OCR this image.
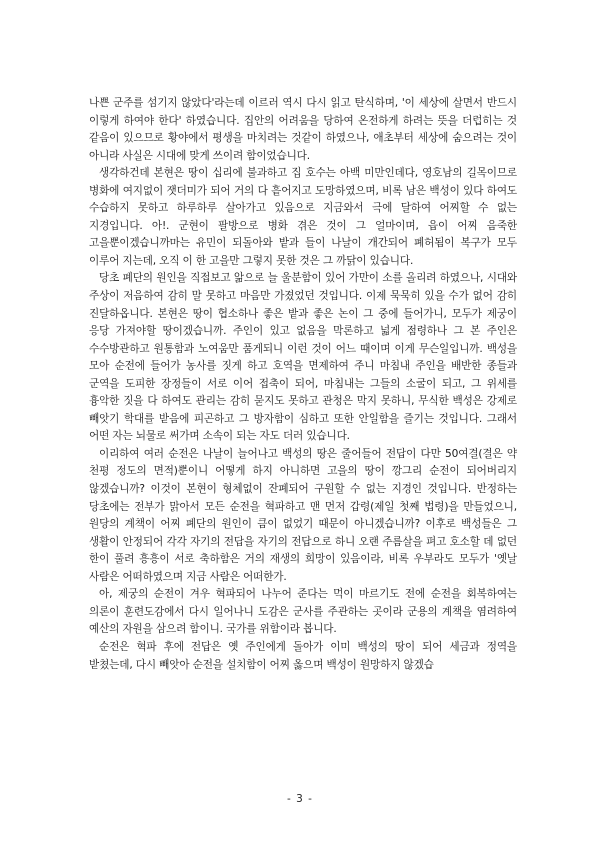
나쁜 군주를 섬기지 않았다'라는데 이르러 역시 다시 읽고 탄식하며, '이 세상에 살면서 반드시 이렇게 하여야 한다' 하였습니다. 집안의 어려움을 당하여 온전하게 하려는 뜻을 더럽히는 것 같음이 있으므로 황야에서 평생을 마치려는 것같이 하였으나, 애초부터 세상에 숨으려는 것이 아니라 사실은 시대에 맞게 쓰이려 함이었습니다.

생각하건데 본현은 땅이 십리에 불과하고 집 호수는 아백 미만인데다, 영호남의 길목이므로 병화에 여지없이 잿더미가 되어 거의 다 흩어지고 도망하였으며, 비록 남은 백성이 있다 하여도 수습하지 못하고 하루하루 살아가고 있음으로 지금와서 극에 달하여 어찌할 수 없는 지경입니다. 아!. 군현이 팔방으로 병화 겪은 것이 그 얼마이며, 읍이 어찌 음죽한 고을뿐이겠습니까마는 유민이 되돌아와 밭과 들이 나날이 개간되어 폐허됨이 복구가 모두 이루어 지는데, 오직 이 한 고을만 그렇지 못한 것은 그 까닭이 있습니다.

당초 폐단의 원인을 직접보고 앎으로 늘 울분함이 있어 가만이 소를 올리려 하였으나, 시대와 주상이 저음하여 감히 말 못하고 마음만 가졌었던 것입니다. 이제 묵묵히 있을 수가 없어 감히 진달하옵니다. 본현은 땅이 협소하나 좋은 밭과 좋은 논이 그 중에 들어가니, 모두가 제궁이 응당 가져야할 땅이겠습니까. 주인이 있고 없음을 막론하고 넓게 점령하나 그 본 주인은 수수방관하고 원통함과 노여움만 품게되니 이런 것이 어느 때이며 이게 무슨일입니까. 백성을 모아 순전에 들어가 농사를 짓게 하고 호역을 면제하여 주니 마침내 주인을 배반한 종들과 군역을 도피한 장정들이 서로 이어 접축이 되어, 마침내는 그들의 소굴이 되고, 그 위세를 흉악한 짓을 다 하여도 관리는 감히 묻지도 못하고 관청은 막지 못하니, 무식한 백성은 강제로 빼앗기 학대를 받음에 피곤하고 그 방자함이 심하고 또한 안일함을 즐기는 것입니다. 그래서 어떤 자는 뇌물로 써가며 소속이 되는 자도 더러 있습니다.

이리하여 여러 순전은 나날이 늘어나고 백성의 땅은 줄어들어 전답이 다만 50여결(결은 약 천평 정도의 면적)뿐이니 어떻게 하지 아니하면 고을의 땅이 깡그리 순전이 되어버리지 않겠습니까? 이것이 본현이 형체없이 잔폐되어 구원할 수 없는 지경인 것입니다. 반정하는 당초에는 전부가 맑아서 모든 순전을 혁파하고 맨 먼저 갑령(제일 첫째 법령)을 만들었으니, 원당의 계책이 어찌 폐단의 원인이 큼이 없었기 때문이 아니겠습니까? 이후로 백성들은 그 생활이 안정되어 각각 자기의 전답을 자기의 전답으로 하니 오랜 주름살을 펴고 호소할 데 없던 한이 풀려 흥흥이 서로 축하함은 거의 재생의 희망이 있음이라, 비록 우부라도 모두가 '옛날 사람은 어떠하였으며 지금 사람은 어떠한가.

아, 제궁의 순전이 겨우 혁파되어 나누어 준다는 먹이 마르기도 전에 순전을 회복하여는 의론이 훈련도감에서 다시 일어나니 도감은 군사를 주관하는 곳이라 군용의 계책을 염려하여 예산의 자원을 삼으려 함이니. 국가를 위함이라 봅니다.

순전은 혁파 후에 전답은 옛 주인에게 돌아가 이미 백성의 땅이 되어 세금과 정역을 받쳤는데, 다시 빼앗아 순전을 설치함이 어찌 옳으며 백성이 원망하지 않겠습

- 3 -
